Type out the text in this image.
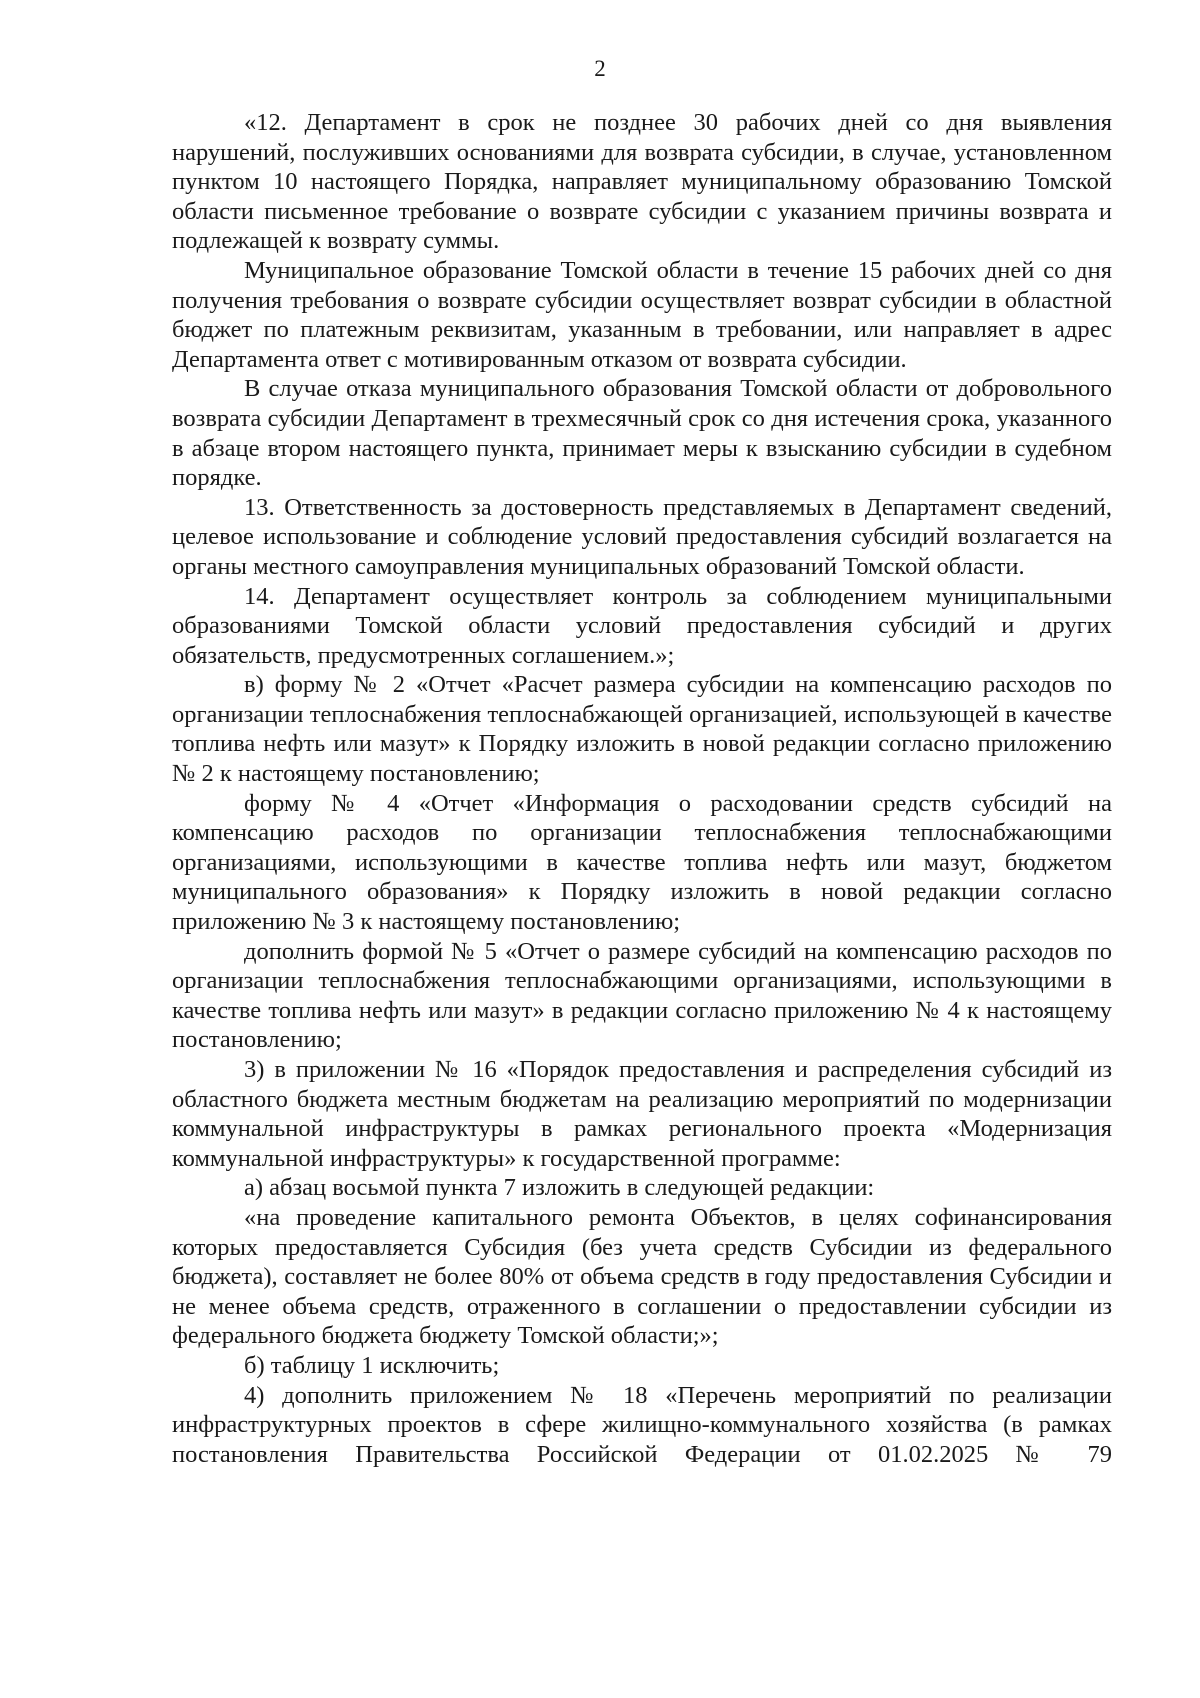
2

«12. Департамент в срок не позднее 30 рабочих дней со дня выявления нарушений, послуживших основаниями для возврата субсидии, в случае, установленном пунктом 10 настоящего Порядка, направляет муниципальному образованию Томской области письменное требование о возврате субсидии с указанием причины возврата и подлежащей к возврату суммы.

Муниципальное образование Томской области в течение 15 рабочих дней со дня получения требования о возврате субсидии осуществляет возврат субсидии в областной бюджет по платежным реквизитам, указанным в требовании, или направляет в адрес Департамента ответ с мотивированным отказом от возврата субсидии.

В случае отказа муниципального образования Томской области от добровольного возврата субсидии Департамент в трехмесячный срок со дня истечения срока, указанного в абзаце втором настоящего пункта, принимает меры к взысканию субсидии в судебном порядке.

13. Ответственность за достоверность представляемых в Департамент сведений, целевое использование и соблюдение условий предоставления субсидий возлагается на органы местного самоуправления муниципальных образований Томской области.

14. Департамент осуществляет контроль за соблюдением муниципальными образованиями Томской области условий предоставления субсидий и других обязательств, предусмотренных соглашением.»;

в) форму № 2 «Отчет «Расчет размера субсидии на компенсацию расходов по организации теплоснабжения теплоснабжающей организацией, использующей в качестве топлива нефть или мазут» к Порядку изложить в новой редакции согласно приложению № 2 к настоящему постановлению;

форму № 4 «Отчет «Информация о расходовании средств субсидий на компенсацию расходов по организации теплоснабжения теплоснабжающими организациями, использующими в качестве топлива нефть или мазут, бюджетом муниципального образования» к Порядку изложить в новой редакции согласно приложению № 3 к настоящему постановлению;

дополнить формой № 5 «Отчет о размере субсидий на компенсацию расходов по организации теплоснабжения теплоснабжающими организациями, использующими в качестве топлива нефть или мазут» в редакции согласно приложению № 4 к настоящему постановлению;

3) в приложении № 16 «Порядок предоставления и распределения субсидий из областного бюджета местным бюджетам на реализацию мероприятий по модернизации коммунальной инфраструктуры в рамках регионального проекта «Модернизация коммунальной инфраструктуры» к государственной программе:

а) абзац восьмой пункта 7 изложить в следующей редакции:

«на проведение капитального ремонта Объектов, в целях софинансирования которых предоставляется Субсидия (без учета средств Субсидии из федерального бюджета), составляет не более 80% от объема средств в году предоставления Субсидии и не менее объема средств, отраженного в соглашении о предоставлении субсидии из федерального бюджета бюджету Томской области;»;

б) таблицу 1 исключить;

4) дополнить приложением № 18 «Перечень мероприятий по реализации инфраструктурных проектов в сфере жилищно-коммунального хозяйства (в рамках постановления Правительства Российской Федерации от 01.02.2025 № 79
